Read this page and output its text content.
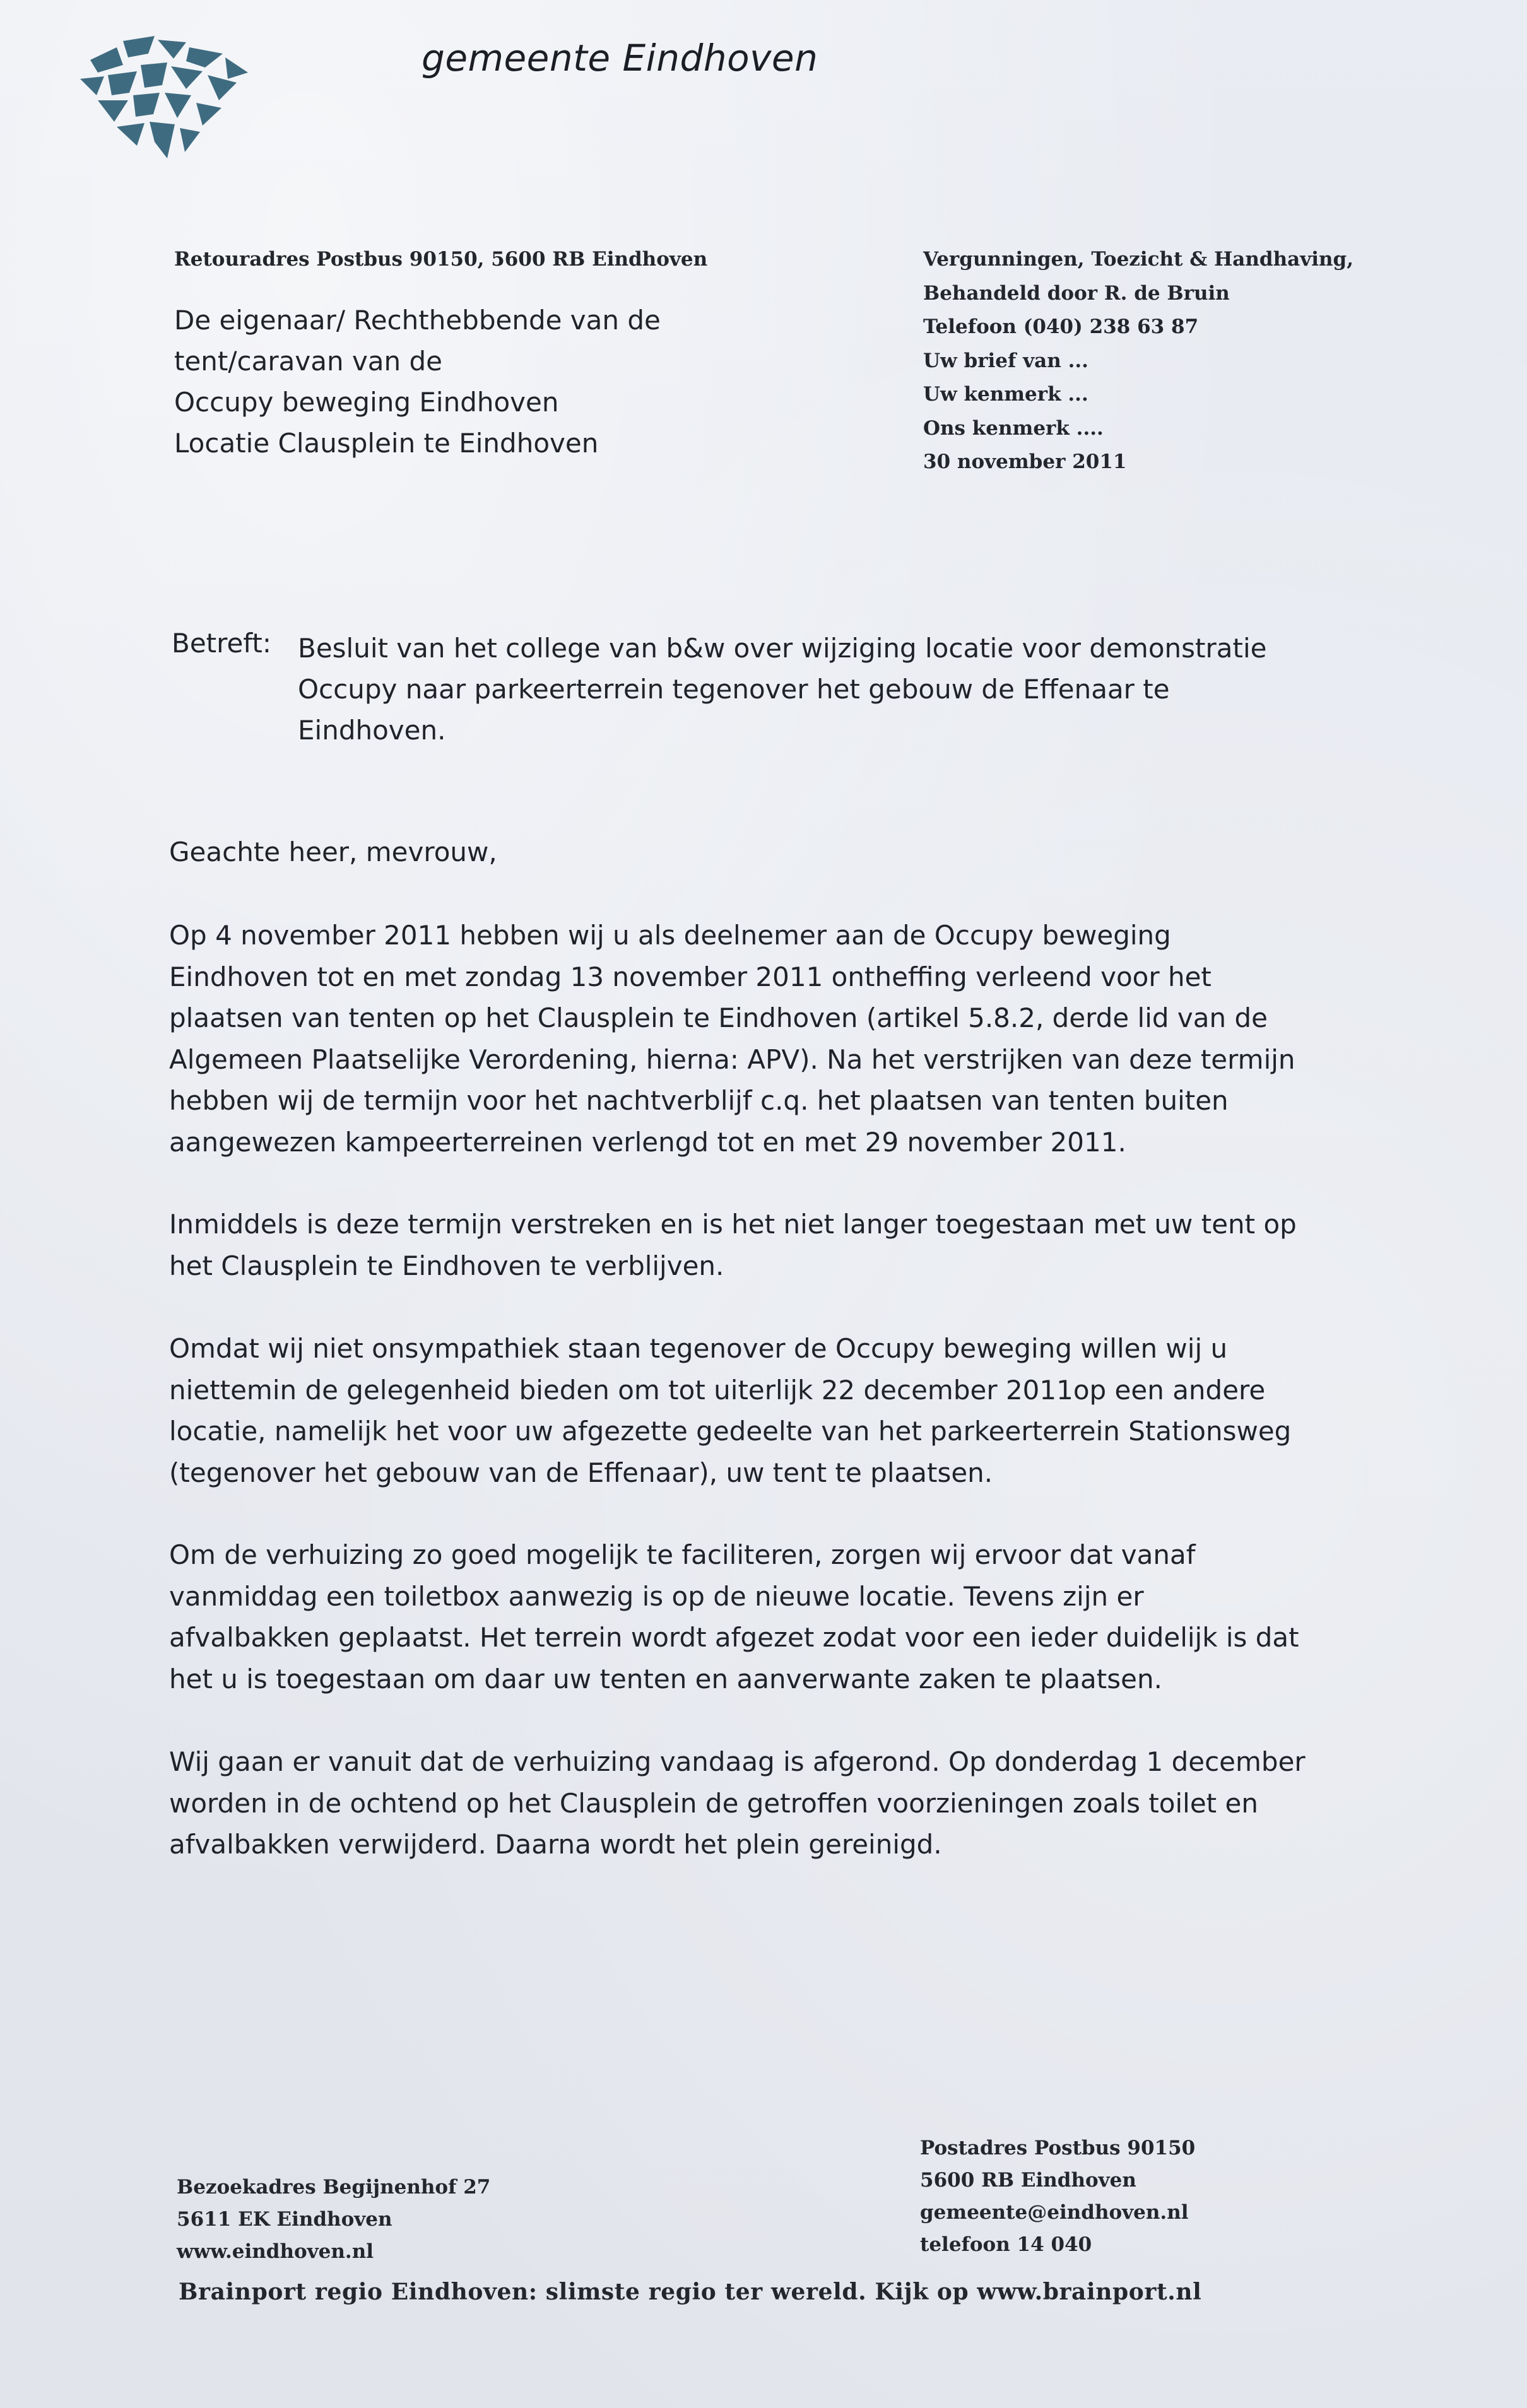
gemeente Eindhoven
Retouradres Postbus 90150, 5600 RB Eindhoven
De eigenaar/ Rechthebbende van de
tent/caravan van de
Occupy beweging Eindhoven
Locatie Clausplein te Eindhoven
Vergunningen, Toezicht & Handhaving,
Behandeld door R. de Bruin
Telefoon (040) 238 63 87
Uw brief van ...
Uw kenmerk ...
Ons kenmerk ....
30 november 2011
Betreft: Besluit van het college van b&w over wijziging locatie voor demonstratie
Occupy naar parkeerterrein tegenover het gebouw de Effenaar te
Eindhoven.
Geachte heer, mevrouw,
Op 4 november 2011 hebben wij u als deelnemer aan de Occupy beweging
Eindhoven tot en met zondag 13 november 2011 ontheffing verleend voor het
plaatsen van tenten op het Clausplein te Eindhoven (artikel 5.8.2, derde lid van de
Algemeen Plaatselijke Verordening, hierna: APV). Na het verstrijken van deze termijn
hebben wij de termijn voor het nachtverblijf c.q. het plaatsen van tenten buiten
aangewezen kampeerterreinen verlengd tot en met 29 november 2011.
Inmiddels is deze termijn verstreken en is het niet langer toegestaan met uw tent op
het Clausplein te Eindhoven te verblijven.
Omdat wij niet onsympathiek staan tegenover de Occupy beweging willen wij u
niettemin de gelegenheid bieden om tot uiterlijk 22 december 2011op een andere
locatie, namelijk het voor uw afgezette gedeelte van het parkeerterrein Stationsweg
(tegenover het gebouw van de Effenaar), uw tent te plaatsen.
Om de verhuizing zo goed mogelijk te faciliteren, zorgen wij ervoor dat vanaf
vanmiddag een toiletbox aanwezig is op de nieuwe locatie. Tevens zijn er
afvalbakken geplaatst. Het terrein wordt afgezet zodat voor een ieder duidelijk is dat
het u is toegestaan om daar uw tenten en aanverwante zaken te plaatsen.
Wij gaan er vanuit dat de verhuizing vandaag is afgerond. Op donderdag 1 december
worden in de ochtend op het Clausplein de getroffen voorzieningen zoals toilet en
afvalbakken verwijderd. Daarna wordt het plein gereinigd.
Bezoekadres Begijnenhof 27
5611 EK Eindhoven
www.eindhoven.nl
Postadres Postbus 90150
5600 RB Eindhoven
gemeente@eindhoven.nl
telefoon 14 040
Brainport regio Eindhoven: slimste regio ter wereld. Kijk op www.brainport.nl
